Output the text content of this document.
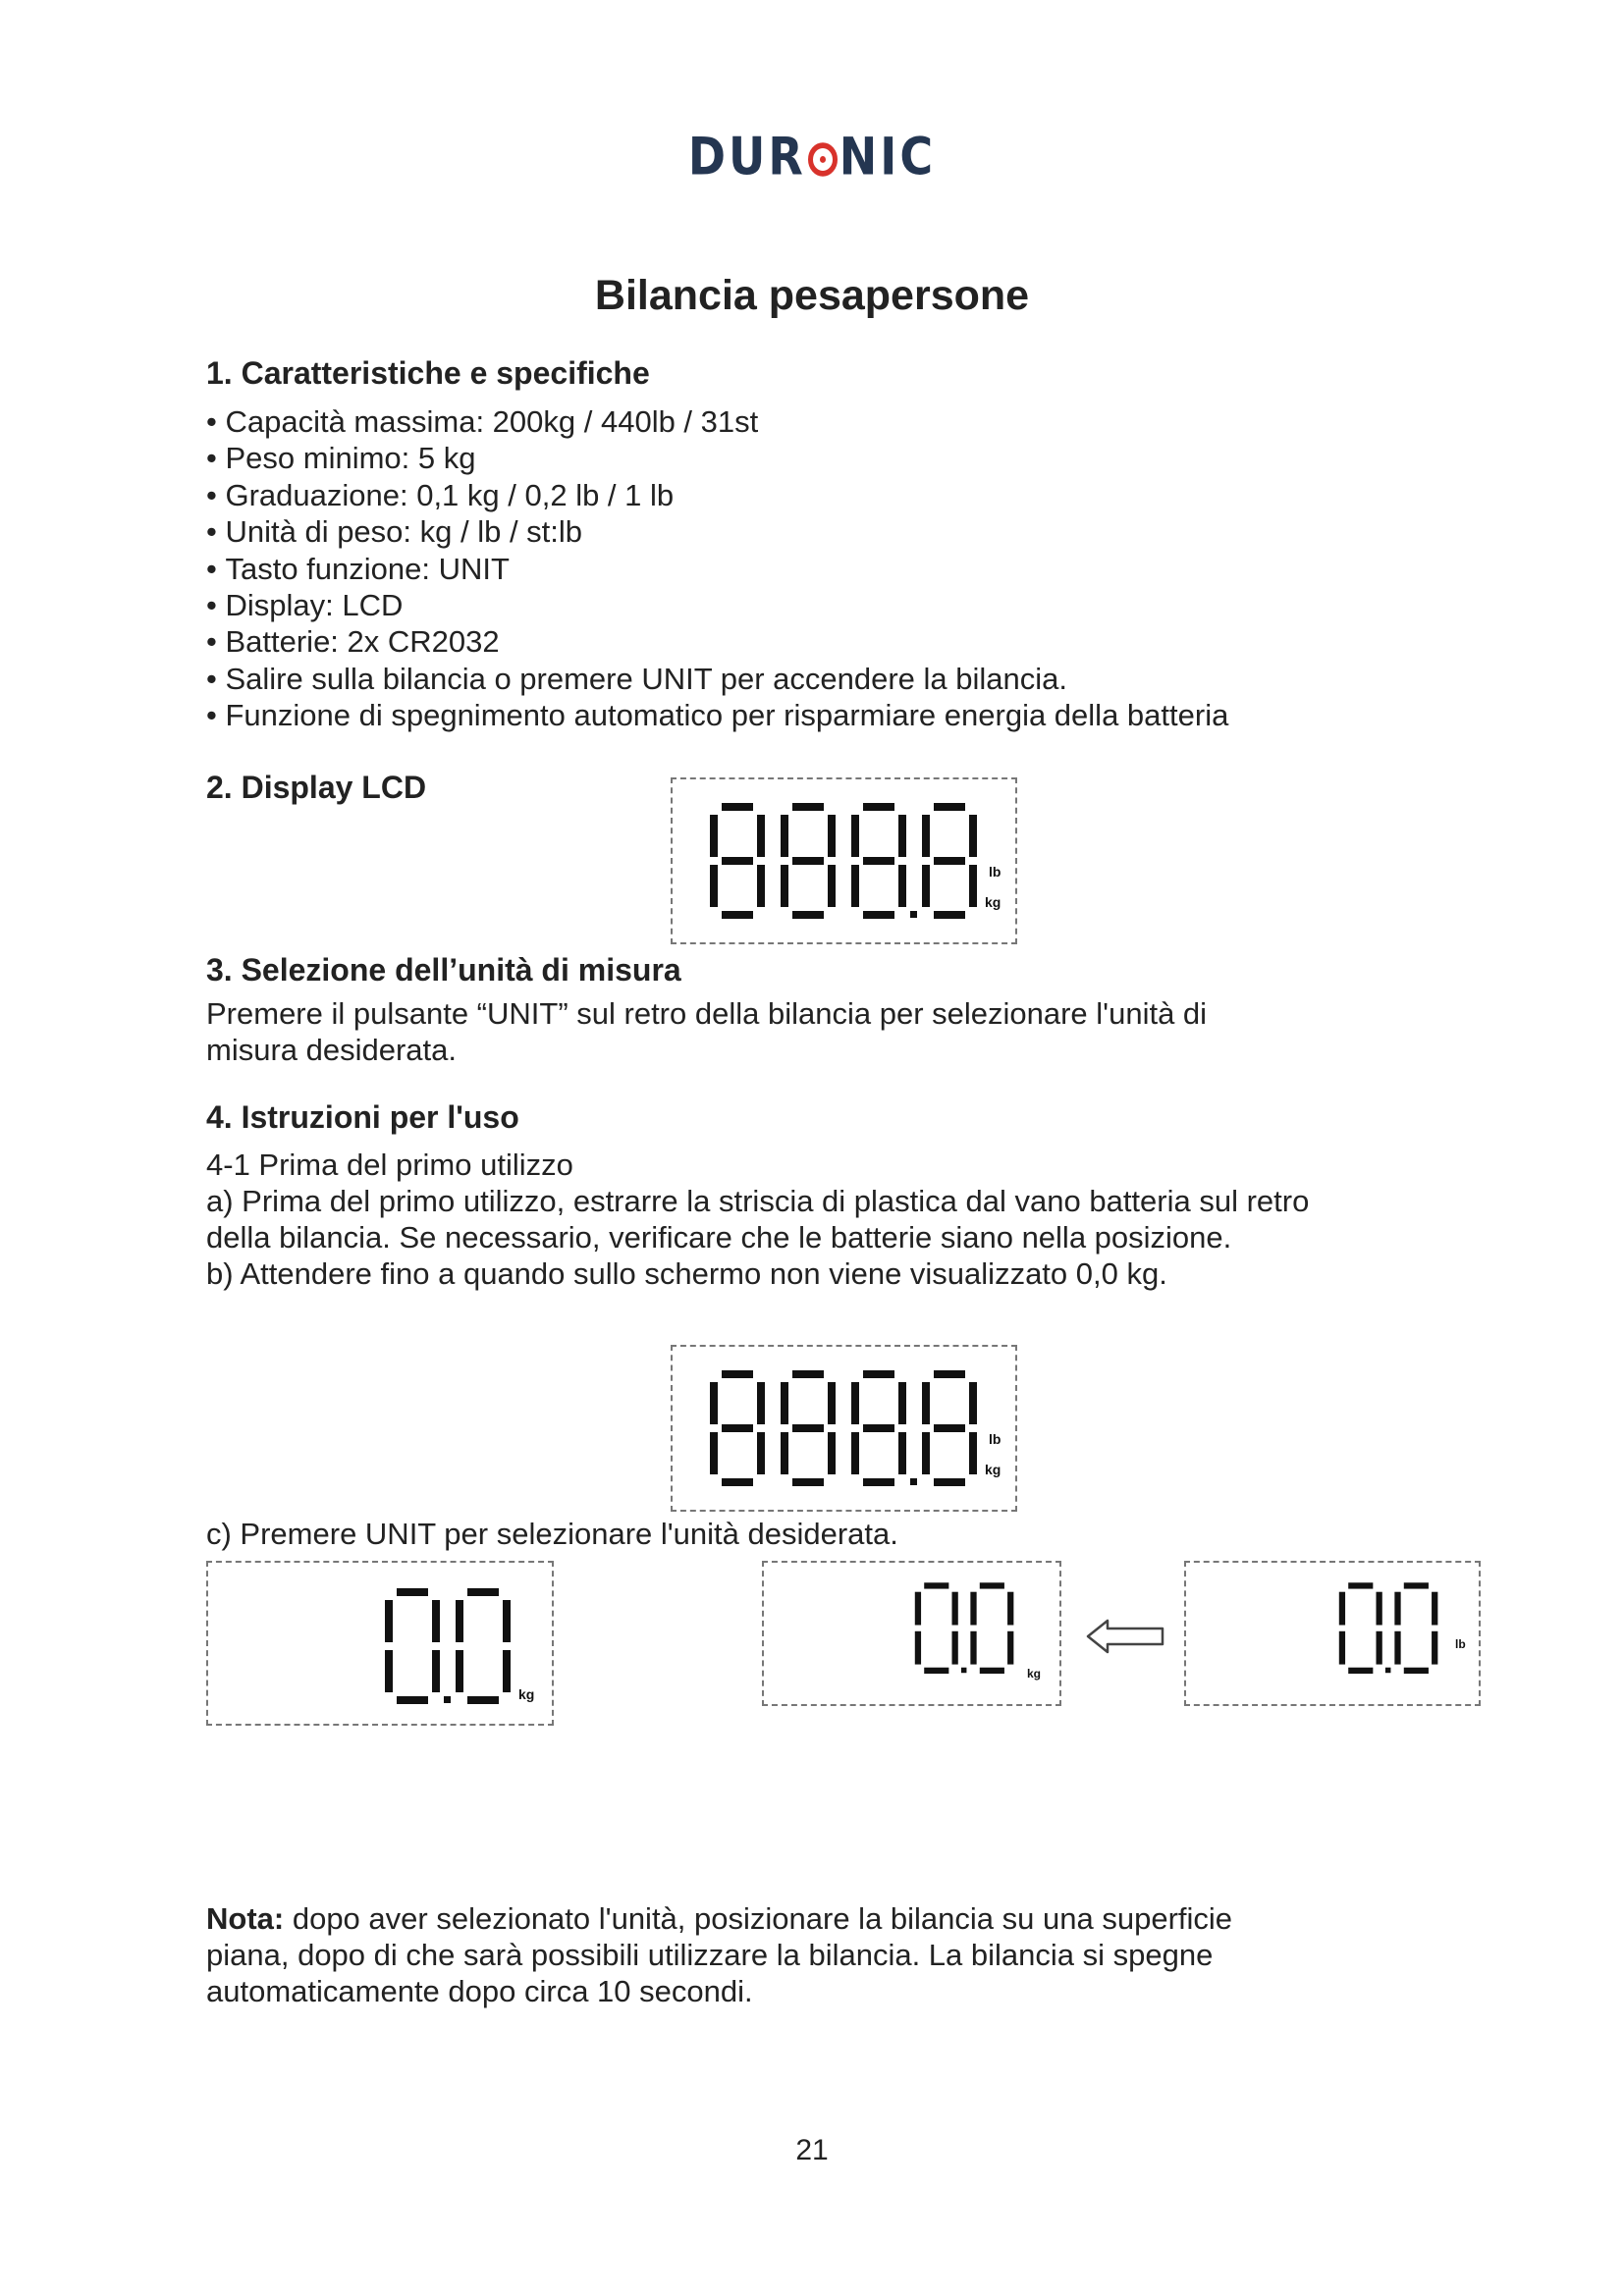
DUR NIC
Bilancia pesapersone
1. Caratteristiche e specifiche
• Capacità massima: 200kg / 440lb / 31st
• Peso minimo: 5 kg
• Graduazione: 0,1 kg / 0,2 lb / 1 lb
• Unità di peso: kg / lb / st:lb
• Tasto funzione: UNIT
• Display: LCD
• Batterie: 2x CR2032
• Salire sulla bilancia o premere UNIT per accendere la bilancia.
• Funzione di spegnimento automatico per risparmiare energia della batteria
2. Display LCD
lb
kg
3. Selezione dell’unità di misura
Premere il pulsante “UNIT” sul retro della bilancia per selezionare l'unità di
misura desiderata.
4. Istruzioni per l'uso
4-1 Prima del primo utilizzo
a) Prima del primo utilizzo, estrarre la striscia di plastica dal vano batteria sul retro
della bilancia. Se necessario, verificare che le batterie siano nella posizione.
b) Attendere fino a quando sullo schermo non viene visualizzato 0,0 kg.
lb
kg
c) Premere UNIT per selezionare l'unità desiderata.
kg
kg
lb
Nota: dopo aver selezionato l'unità, posizionare la bilancia su una superficie
piana, dopo di che sarà possibili utilizzare la bilancia. La bilancia si spegne
automaticamente dopo circa 10 secondi.
21
